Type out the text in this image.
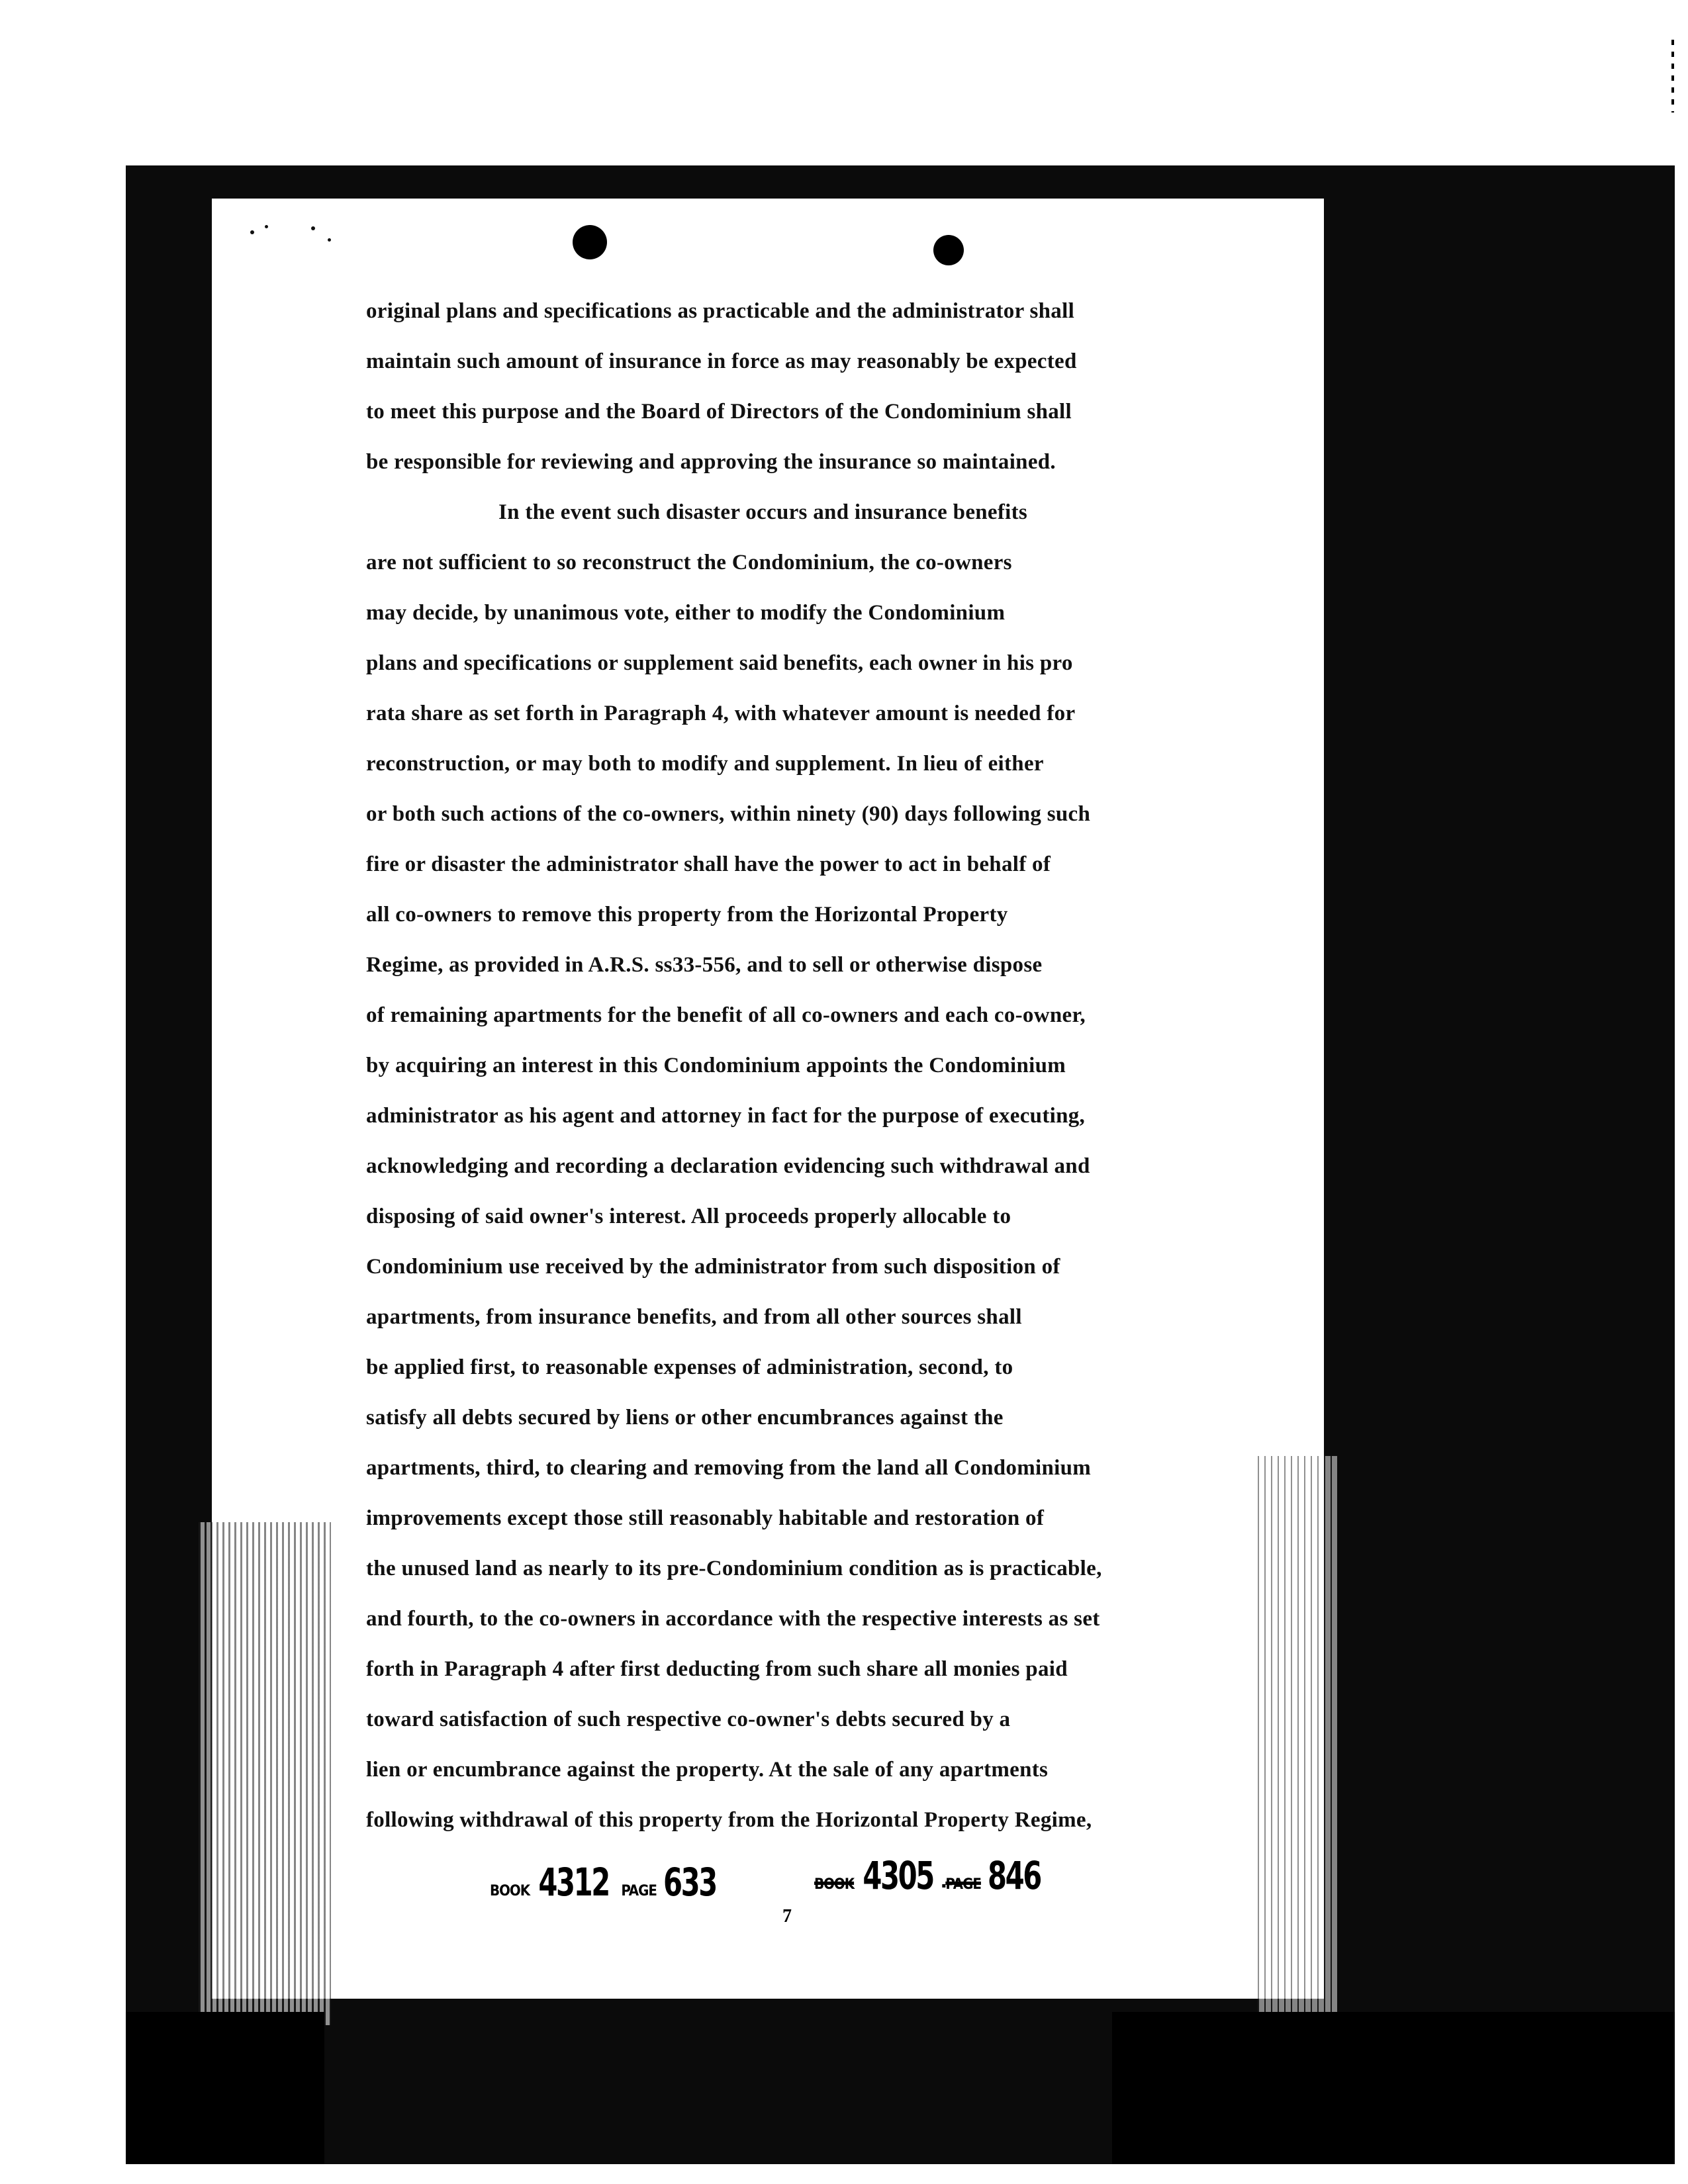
original plans and specifications as practicable and the administrator shall
maintain such amount of insurance in force as may reasonably be expected
to meet this purpose and the Board of Directors of the Condominium shall
be responsible for reviewing and approving the insurance so maintained.
In the event such disaster occurs and insurance benefits
are not sufficient to so reconstruct the Condominium, the co-owners
may decide, by unanimous vote, either to modify the Condominium
plans and specifications or supplement said benefits, each owner in his pro
rata share as set forth in Paragraph 4, with whatever amount is needed for
reconstruction, or may both to modify and supplement. In lieu of either
or both such actions of the co-owners, within ninety (90) days following such
fire or disaster the administrator shall have the power to act in behalf of
all co-owners to remove this property from the Horizontal Property
Regime, as provided in A.R.S. ss33-556, and to sell or otherwise dispose
of remaining apartments for the benefit of all co-owners and each co-owner,
by acquiring an interest in this Condominium appoints the Condominium
administrator as his agent and attorney in fact for the purpose of executing,
acknowledging and recording a declaration evidencing such withdrawal and
disposing of said owner's interest. All proceeds properly allocable to
Condominium use received by the administrator from such disposition of
apartments, from insurance benefits, and from all other sources shall
be applied first, to reasonable expenses of administration, second, to
satisfy all debts secured by liens or other encumbrances against the
apartments, third, to clearing and removing from the land all Condominium
improvements except those still reasonably habitable and restoration of
the unused land as nearly to its pre-Condominium condition as is practicable,
and fourth, to the co-owners in accordance with the respective interests as set
forth in Paragraph 4 after first deducting from such share all monies paid
toward satisfaction of such respective co-owner's debts secured by a
lien or encumbrance against the property. At the sale of any apartments
following withdrawal of this property from the Horizontal Property Regime,
7
BOOK 4312 PAGE 633	BOOK 4305 PAGE 846
